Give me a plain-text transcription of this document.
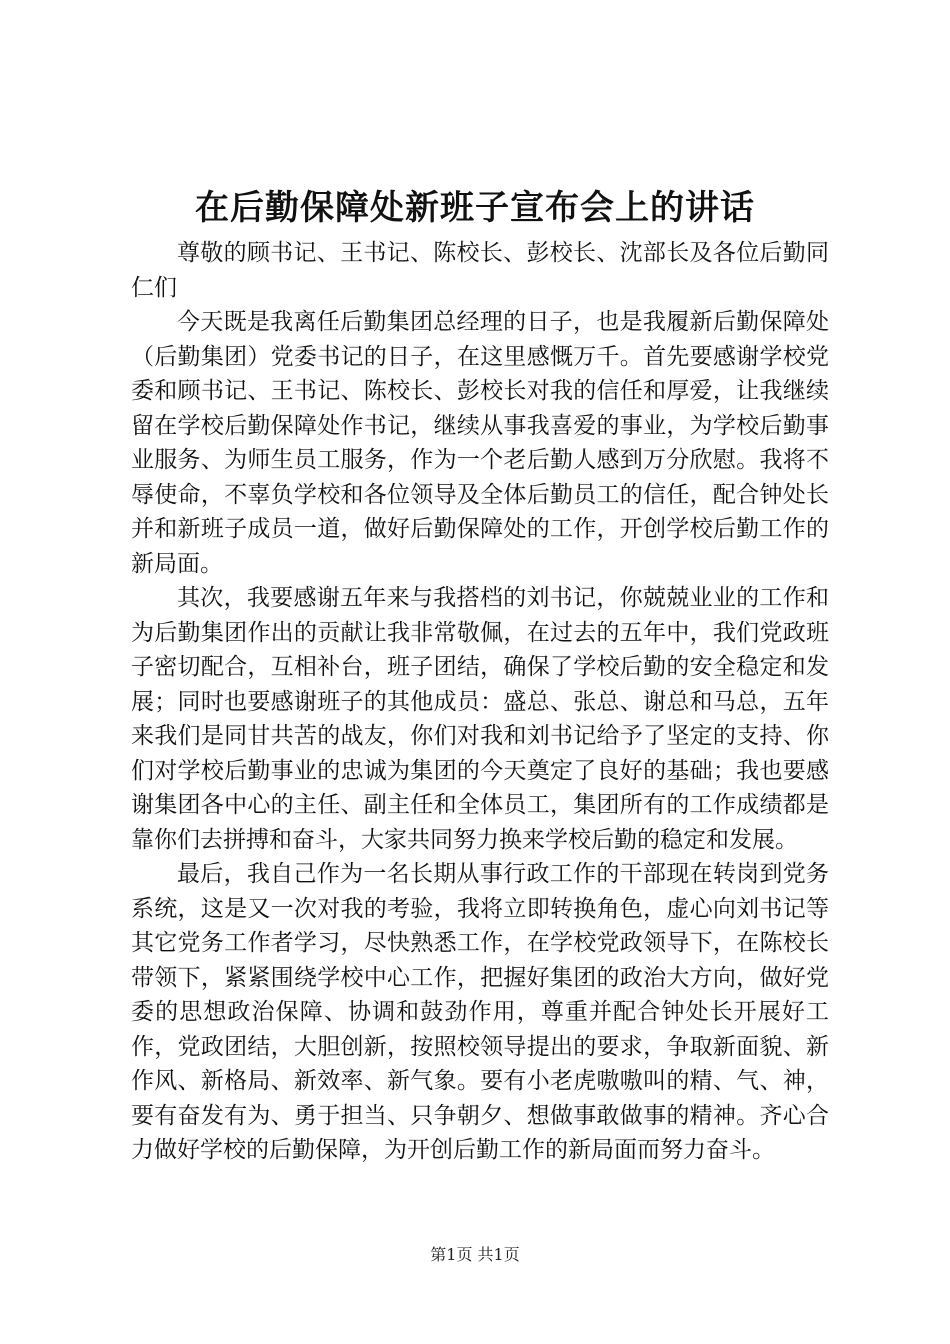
在后勤保障处新班子宣布会上的讲话

尊敬的顾书记、王书记、陈校长、彭校长、沈部长及各位后勤同仁们

今天既是我离任后勤集团总经理的日子，也是我履新后勤保障处（后勤集团）党委书记的日子，在这里感慨万千。首先要感谢学校党委和顾书记、王书记、陈校长、彭校长对我的信任和厚爱，让我继续留在学校后勤保障处作书记，继续从事我喜爱的事业，为学校后勤事业服务、为师生员工服务，作为一个老后勤人感到万分欣慰。我将不辱使命，不辜负学校和各位领导及全体后勤员工的信任，配合钟处长并和新班子成员一道，做好后勤保障处的工作，开创学校后勤工作的新局面。

其次，我要感谢五年来与我搭档的刘书记，你兢兢业业的工作和为后勤集团作出的贡献让我非常敬佩，在过去的五年中，我们党政班子密切配合，互相补台，班子团结，确保了学校后勤的安全稳定和发展；同时也要感谢班子的其他成员：盛总、张总、谢总和马总，五年来我们是同甘共苦的战友，你们对我和刘书记给予了坚定的支持、你们对学校后勤事业的忠诚为集团的今天奠定了良好的基础；我也要感谢集团各中心的主任、副主任和全体员工，集团所有的工作成绩都是靠你们去拼搏和奋斗，大家共同努力换来学校后勤的稳定和发展。

最后，我自己作为一名长期从事行政工作的干部现在转岗到党务系统，这是又一次对我的考验，我将立即转换角色，虚心向刘书记等其它党务工作者学习，尽快熟悉工作，在学校党政领导下，在陈校长带领下，紧紧围绕学校中心工作，把握好集团的政治大方向，做好党委的思想政治保障、协调和鼓劲作用，尊重并配合钟处长开展好工作，党政团结，大胆创新，按照校领导提出的要求，争取新面貌、新作风、新格局、新效率、新气象。要有小老虎嗷嗷叫的精、气、神，要有奋发有为、勇于担当、只争朝夕、想做事敢做事的精神。齐心合力做好学校的后勤保障，为开创后勤工作的新局面而努力奋斗。

第1页 共1页
